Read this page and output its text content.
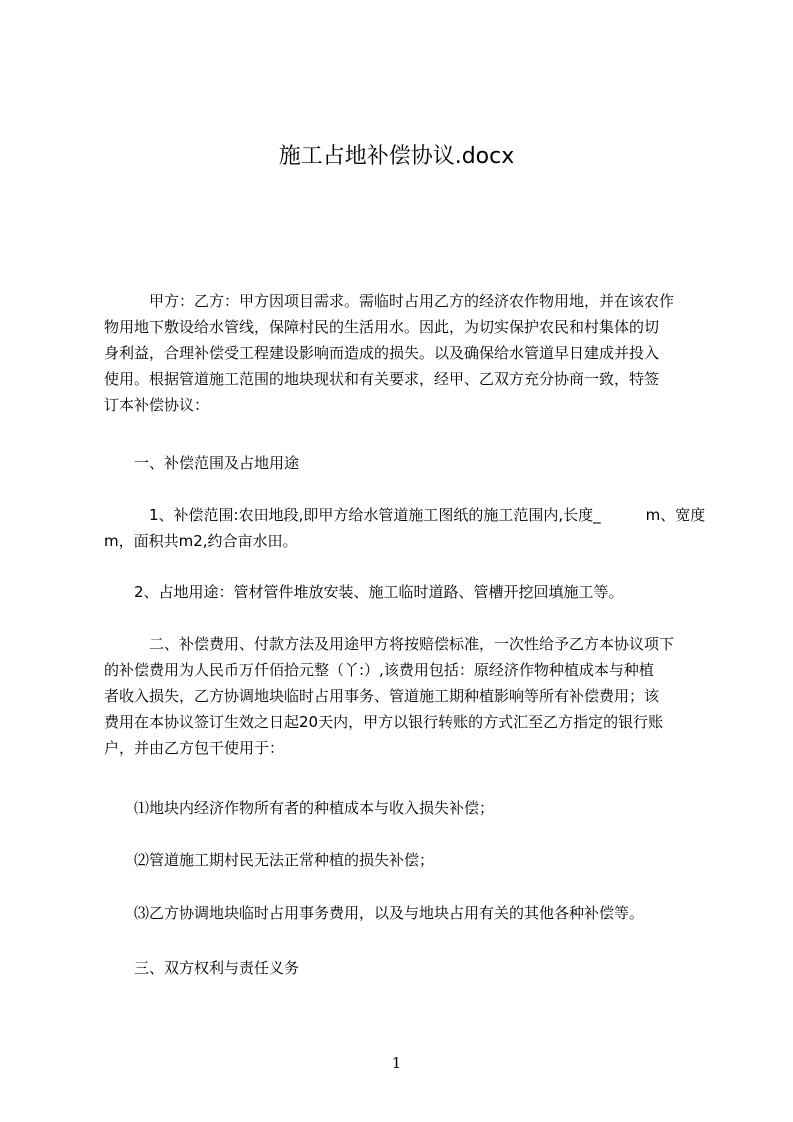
施工占地补偿协议.docx
　　　甲方：乙方：甲方因项目需求。需临时占用乙方的经济农作物用地，并在该农作
物用地下敷设给水管线，保障村民的生活用水。因此，为切实保护农民和村集体的切
身利益，合理补偿受工程建设影响而造成的损失。以及确保给水管道早日建成并投入
使用。根据管道施工范围的地块现状和有关要求，经甲、乙双方充分协商一致，特签
订本补偿协议：
　　一、补偿范围及占地用途
　　　1、补偿范围:农田地段,即甲方给水管道施工图纸的施工范围内,长度_　　　m、宽度
m，面积共m2,约合亩水田。
　　2、占地用途：管材管件堆放安装、施工临时道路、管槽开挖回填施工等。
　　　二、补偿费用、付款方法及用途甲方将按赔偿标准，一次性给予乙方本协议项下
的补偿费用为人民币万仟佰拾元整（丫:）,该费用包括：原经济作物种植成本与种植
者收入损失，乙方协调地块临时占用事务、管道施工期种植影响等所有补偿费用；该
费用在本协议签订生效之日起20天内，甲方以银行转账的方式汇至乙方指定的银行账
户，并由乙方包干使用于：
　　⑴地块内经济作物所有者的种植成本与收入损失补偿；
　　⑵管道施工期村民无法正常种植的损失补偿；
　　⑶乙方协调地块临时占用事务费用，以及与地块占用有关的其他各种补偿等。
　　三、双方权利与责任义务
1
